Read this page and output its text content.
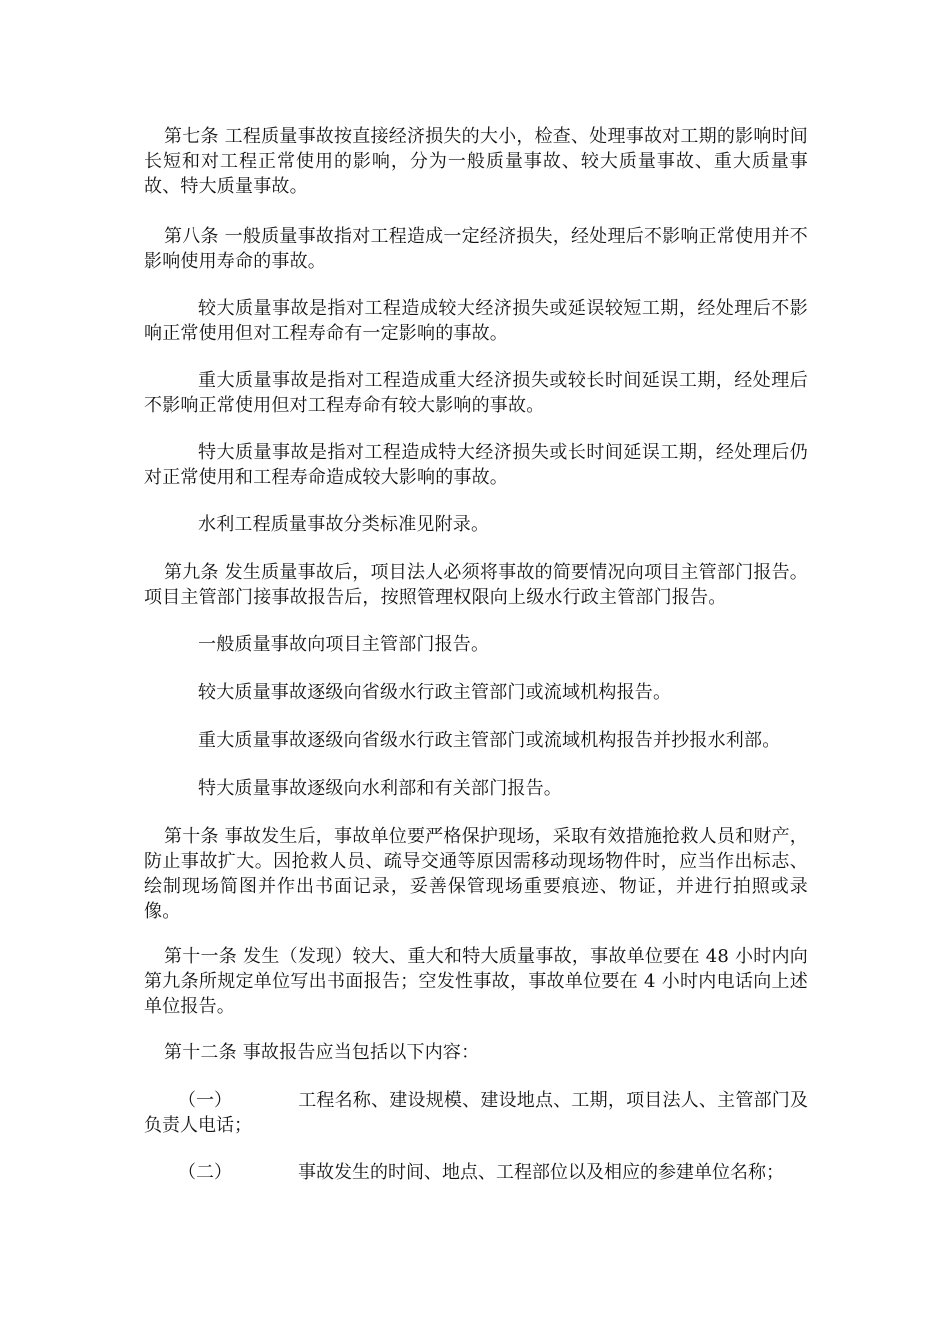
第七条 工程质量事故按直接经济损失的大小，检查、处理事故对工期的影响时间长短和对工程正常使用的影响，分为一般质量事故、较大质量事故、重大质量事故、特大质量事故。

第八条 一般质量事故指对工程造成一定经济损失，经处理后不影响正常使用并不影响使用寿命的事故。

较大质量事故是指对工程造成较大经济损失或延误较短工期，经处理后不影响正常使用但对工程寿命有一定影响的事故。

重大质量事故是指对工程造成重大经济损失或较长时间延误工期，经处理后不影响正常使用但对工程寿命有较大影响的事故。

特大质量事故是指对工程造成特大经济损失或长时间延误工期，经处理后仍对正常使用和工程寿命造成较大影响的事故。

水利工程质量事故分类标准见附录。

第九条 发生质量事故后，项目法人必须将事故的简要情况向项目主管部门报告。项目主管部门接事故报告后，按照管理权限向上级水行政主管部门报告。

一般质量事故向项目主管部门报告。

较大质量事故逐级向省级水行政主管部门或流域机构报告。

重大质量事故逐级向省级水行政主管部门或流域机构报告并抄报水利部。

特大质量事故逐级向水利部和有关部门报告。

第十条 事故发生后，事故单位要严格保护现场，采取有效措施抢救人员和财产，防止事故扩大。因抢救人员、疏导交通等原因需移动现场物件时，应当作出标志、绘制现场简图并作出书面记录，妥善保管现场重要痕迹、物证，并进行拍照或录像。

第十一条 发生（发现）较大、重大和特大质量事故，事故单位要在 48 小时内向第九条所规定单位写出书面报告；空发性事故，事故单位要在 4 小时内电话向上述单位报告。

第十二条 事故报告应当包括以下内容：

（一）	工程名称、建设规模、建设地点、工期，项目法人、主管部门及负责人电话；

（二）	事故发生的时间、地点、工程部位以及相应的参建单位名称；
